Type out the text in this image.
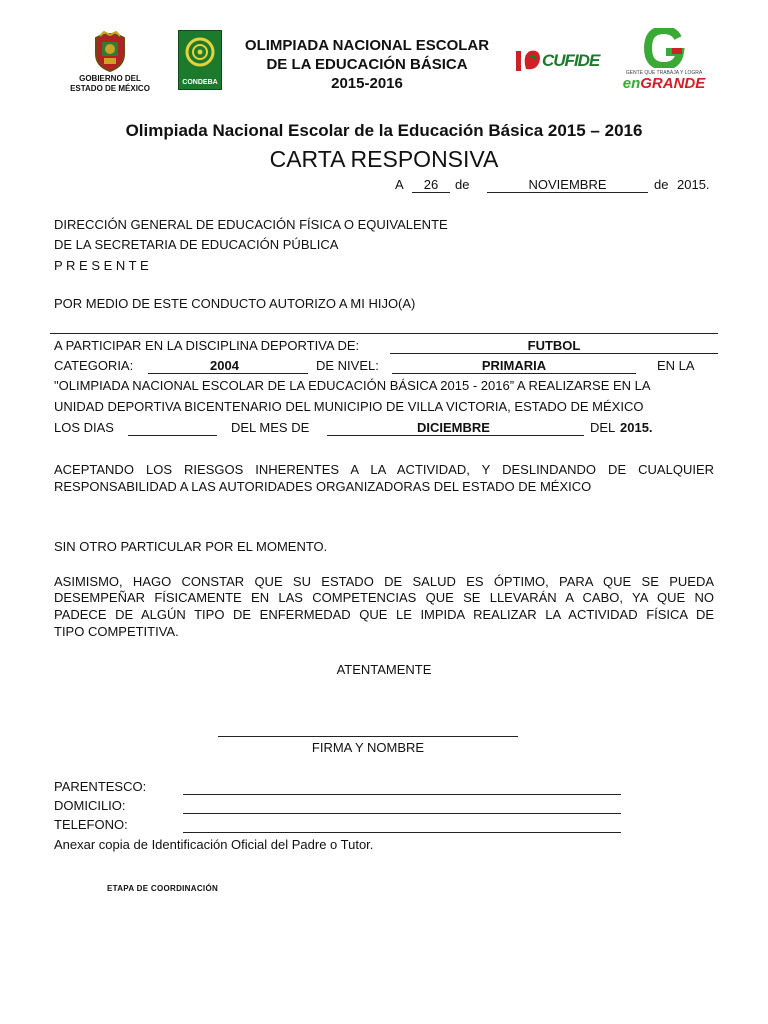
GOBIERNO DEL
ESTADO DE MÉXICO
CONDEBA
OLIMPIADA NACIONAL ESCOLAR
DE LA EDUCACIÓN BÁSICA
2015-2016
CUFIDE
GENTE QUE TRABAJA Y LOGRA
enGRANDE
Olimpiada Nacional Escolar de la Educación Básica 2015 – 2016
CARTA RESPONSIVA
A	26	de	NOVIEMBRE	de 2015.
DIRECCIÓN GENERAL DE EDUCACIÓN FÍSICA O EQUIVALENTE
DE LA SECRETARIA DE EDUCACIÓN PÚBLICA
P R E S E N T E
POR MEDIO DE ESTE CONDUCTO AUTORIZO A MI HIJO(A)
A PARTICIPAR EN LA DISCIPLINA DEPORTIVA DE:	FUTBOL
CATEGORIA:	2004	DE NIVEL:	PRIMARIA	EN LA
"OLIMPIADA NACIONAL ESCOLAR DE LA EDUCACIÓN BÁSICA 2015 - 2016” A REALIZARSE EN LA
UNIDAD DEPORTIVA BICENTENARIO DEL MUNICIPIO DE VILLA VICTORIA, ESTADO DE MÉXICO
LOS DIAS	DEL MES DE	DICIEMBRE	DEL 2015.
ACEPTANDO LOS RIESGOS INHERENTES A LA ACTIVIDAD, Y DESLINDANDO DE CUALQUIER
RESPONSABILIDAD A LAS AUTORIDADES ORGANIZADORAS DEL ESTADO DE MÉXICO
SIN OTRO PARTICULAR POR EL MOMENTO.
ASIMISMO, HAGO CONSTAR QUE SU ESTADO DE SALUD ES ÓPTIMO, PARA QUE SE PUEDA
DESEMPEÑAR FÍSICAMENTE EN LAS COMPETENCIAS QUE SE LLEVARÁN A CABO, YA QUE NO
PADECE DE ALGÚN TIPO DE ENFERMEDAD QUE LE IMPIDA REALIZAR LA ACTIVIDAD FÍSICA DE
TIPO COMPETITIVA.
ATENTAMENTE
FIRMA Y NOMBRE
PARENTESCO:
DOMICILIO:
TELEFONO:
Anexar copia de Identificación Oficial del Padre o Tutor.
ETAPA DE COORDINACIÓN
